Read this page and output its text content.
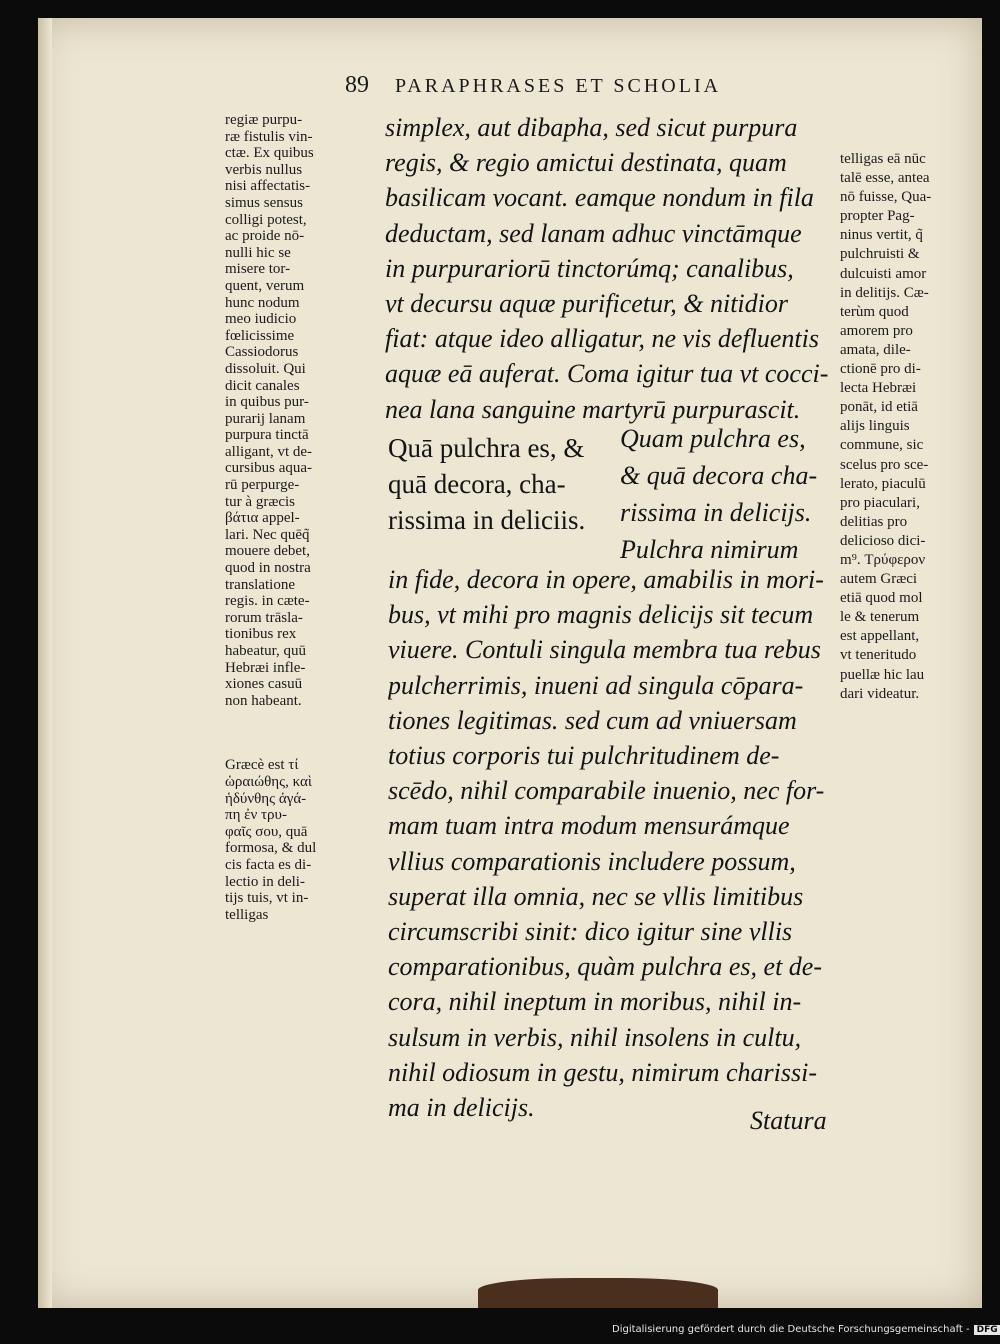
89 PARAPHRASES ET SCHOLIA
regiæ purpu-
ræ fistulis vin-
ctæ. Ex quibus
verbis nullus
nisi affectatis-
simus sensus
colligi potest,
ac proide nō-
nulli hic se
misere tor-
quent, verum
hunc nodum
meo iudicio
fœlicissime
Cassiodorus
dissoluit. Qui
dicit canales
in quibus pur-
purarij lanam
purpura tinctā
alligant, vt de-
cursibus aqua-
rū perpurge-
tur à græcis
βάτια appel-
lari. Nec quēq̃
mouere debet,
quod in nostra
translatione
regis. in cæte-
rorum trāsla-
tionibus rex
habeatur, quū
Hebræi infle-
xiones casuū
non habeant.
Græcè est τί
ὡραιώθης, καὶ
ἡδύνθης ἀγά-
πη ἐν τρυ-
φαῖς σου, quā
formosa, & dul
cis facta es di-
lectio in deli-
tijs tuis, vt in-
telligas
telligas eā nūc
talē esse, antea
nō fuisse, Qua-
propter Pag-
ninus vertit, q̃
pulchruisti &
dulcuisti amor
in delitijs. Cæ-
terùm quod
amorem pro
amata, dile-
ctionē pro di-
lecta Hebræi
ponāt, id etiā
alijs linguis
commune, sic
scelus pro sce-
lerato, piaculū
pro piaculari,
delitias pro
delicioso dici-
m⁹. Τρύφερον
autem Græci
etiā quod mol
le & tenerum
est appellant,
vt teneritudo
puellæ hic lau
dari videatur.
simplex, aut dibapha, sed sicut purpura
regis, & regio amictui destinata, quam
basilicam vocant. eamque nondum in fila
deductam, sed lanam adhuc vinctāmque
in purpurariorū tinctorúmq; canalibus,
vt decursu aquæ purificetur, & nitidior
fiat: atque ideo alligatur, ne vis defluentis
aquæ eā auferat. Coma igitur tua vt cocci-
nea lana sanguine martyrū purpurascit.
Quā pulchra es, &
quā decora, cha-
rissima in deliciis.
Quam pulchra es,
& quā decora cha-
rissima in delicijs.
Pulchra nimirum
in fide, decora in opere, amabilis in mori-
bus, vt mihi pro magnis delicijs sit tecum
viuere. Contuli singula membra tua rebus
pulcherrimis, inueni ad singula cōpara-
tiones legitimas. sed cum ad vniuersam
totius corporis tui pulchritudinem de-
scēdo, nihil comparabile inuenio, nec for-
mam tuam intra modum mensurámque
vllius comparationis includere possum,
superat illa omnia, nec se vllis limitibus
circumscribi sinit: dico igitur sine vllis
comparationibus, quàm pulchra es, et de-
cora, nihil ineptum in moribus, nihil in-
sulsum in verbis, nihil insolens in cultu,
nihil odiosum in gestu, nimirum charissi-
ma in delicijs.	Statura
Digitalisierung gefördert durch die Deutsche Forschungsgemeinschaft - DFG
